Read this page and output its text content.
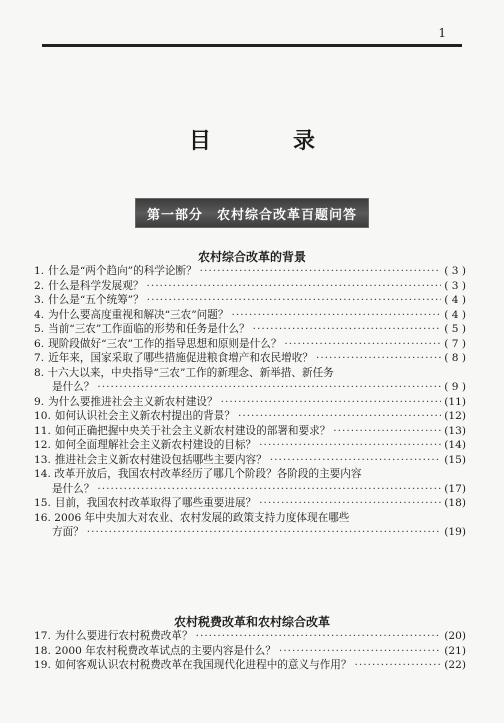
1
目　录
第一部分　农村综合改革百题问答
农村综合改革的背景
1. 什么是“两个趋向”的科学论断？ ·····	( 3 )
2. 什么是科学发展观？ ·····	( 3 )
3. 什么是“五个统筹”？ ·····	( 4 )
4. 为什么要高度重视和解决“三农”问题？ ·····	( 4 )
5. 当前“三农”工作面临的形势和任务是什么？ ·····	( 5 )
6. 现阶段做好“三农”工作的指导思想和原则是什么？ ·····	( 7 )
7. 近年来，国家采取了哪些措施促进粮食增产和农民增收？ ·····	( 8 )
8. 十六大以来，中央指导“三农”工作的新理念、新举措、新任务
是什么？ ·····	( 9 )
9. 为什么要推进社会主义新农村建设？ ·····	(11)
10. 如何认识社会主义新农村提出的背景？ ·····	(12)
11. 如何正确把握中央关于社会主义新农村建设的部署和要求？ ·····	(13)
12. 如何全面理解社会主义新农村建设的目标？ ·····	(14)
13. 推进社会主义新农村建设包括哪些主要内容？ ·····	(15)
14. 改革开放后，我国农村改革经历了哪几个阶段？各阶段的主要内容
是什么？ ·····	(17)
15. 目前，我国农村改革取得了哪些重要进展？ ·····	(18)
16. 2006 年中央加大对农业、农村发展的政策支持力度体现在哪些
方面？ ·····	(19)
农村税费改革和农村综合改革
17. 为什么要进行农村税费改革？ ·····	(20)
18. 2000 年农村税费改革试点的主要内容是什么？ ·····	(21)
19. 如何客观认识农村税费改革在我国现代化进程中的意义与作用？ ·····	(22)
